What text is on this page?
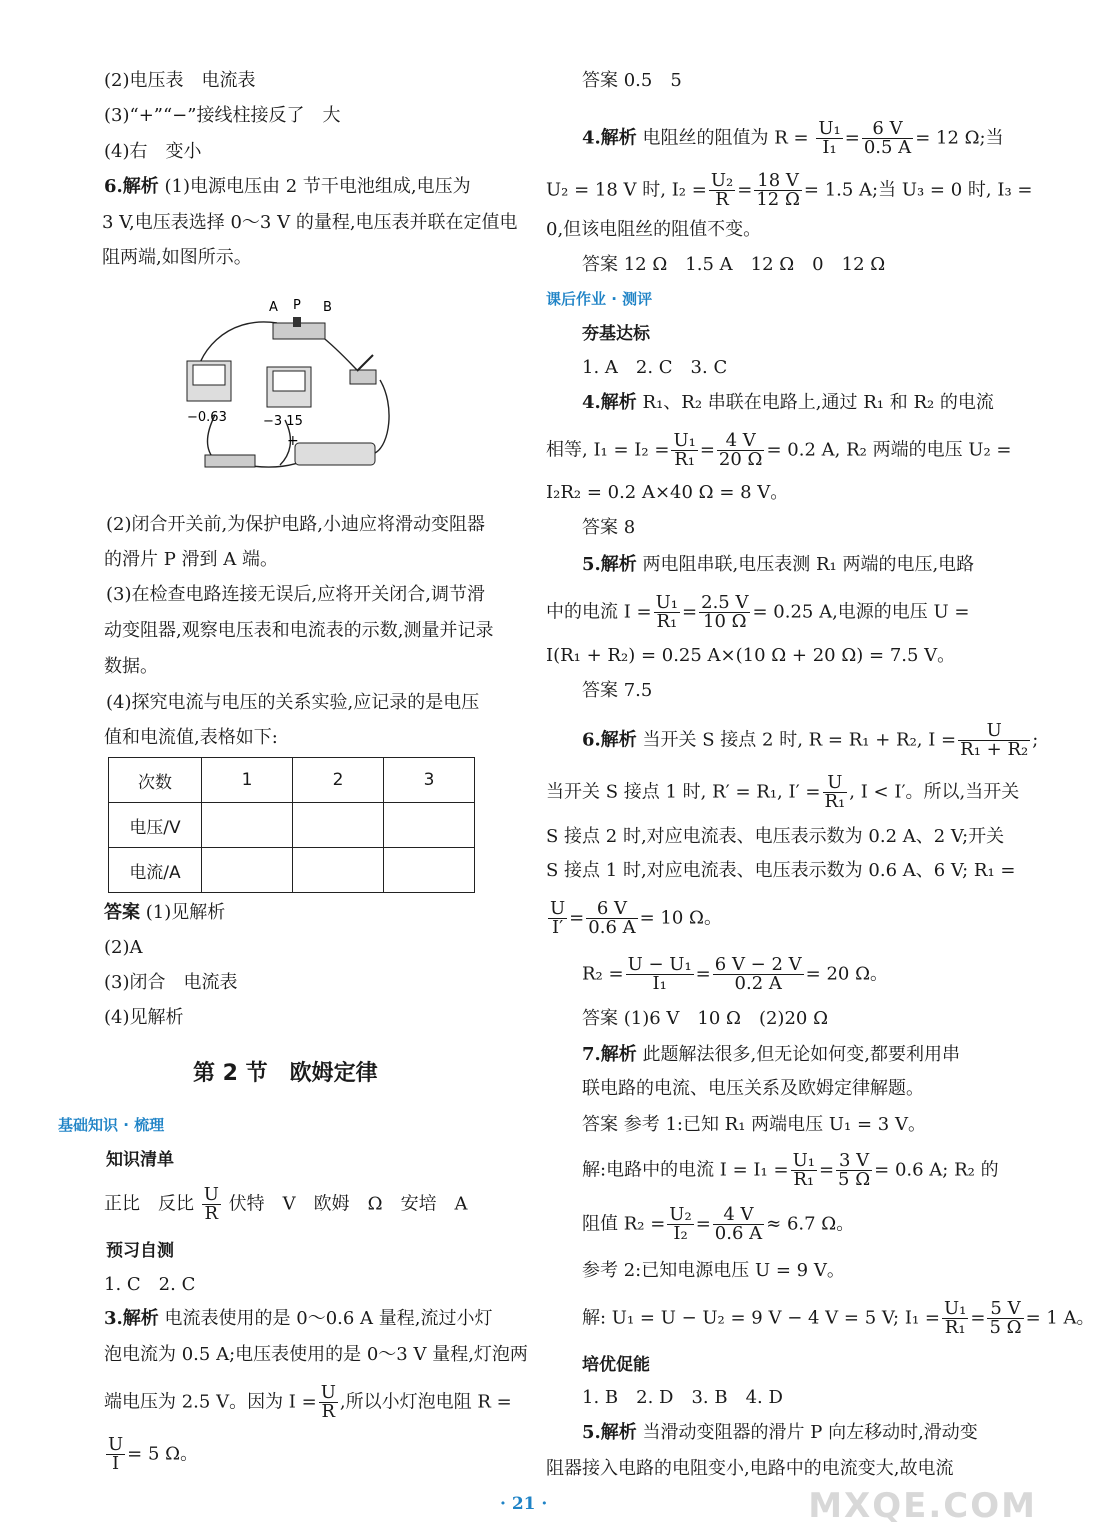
(2)电压表　电流表
(3)“+”“−”接线柱接反了　大
(4)右　变小
6.解析 (1)电源电压由 2 节干电池组成,电压为
3 V,电压表选择 0～3 V 的量程,电压表并联在定值电
阻两端,如图所示。
A P B
−0.63	−3 15
+
(2)闭合开关前,为保护电路,小迪应将滑动变阻器
的滑片 P 滑到 A 端。
(3)在检查电路连接无误后,应将开关闭合,调节滑
动变阻器,观察电压表和电流表的示数,测量并记录
数据。
(4)探究电流与电压的关系实验,应记录的是电压
值和电流值,表格如下:
次数	1	2	3
电压/V			
电流/A			
答案 (1)见解析
(2)A
(3)闭合　电流表
(4)见解析
第 2 节　欧姆定律
基础知识 · 梳理
知识清单
正比　反比 $\frac{U}{R}$ 伏特　V　欧姆　Ω　安培　A
预习自测
1. C　2. C
3.解析 电流表使用的是 0～0.6 A 量程,流过小灯
泡电流为 0.5 A;电压表使用的是 0～3 V 量程,灯泡两
端电压为 2.5 V。因为 $I = \frac{U}{R}$ ,所以小灯泡电阻 R =
$\frac{U}{I} = 5$ Ω。
答案 0.5　5
4.解析 电阻丝的阻值为 $R = \frac{\text{U₁}}{\text{I₁}} = \frac{6 V}{0.5 A} = 12$ Ω;当
U₂ = 18 V 时, $I_2 = \frac{\text{U₂}}{R} = \frac{18 V}{12 \Omega} = 1.5$ A;当 U₃ = 0 时, I₃ =
0,但该电阻丝的阻值不变。
答案 12 Ω　1.5 A　12 Ω　0　12 Ω
课后作业 · 测评
夯基达标
1. A　2. C　3. C
4.解析 R₁、R₂ 串联在电路上,通过 R₁ 和 R₂ 的电流
相等, $I_1 = I_2 = \frac{\text{U₁}}{\text{R₁}} = \frac{4 V}{20 \Omega} = 0.2$ A, R₂ 两端的电压 U₂ =
I₂R₂ = 0.2 A×40 Ω = 8 V。
答案 8
5.解析 两电阻串联,电压表测 R₁ 两端的电压,电路
中的电流 $I = \frac{\text{U₁}}{\text{R₁}} = \frac{2.5 V}{10 \Omega} = 0.25$ A,电源的电压 U =
I(R₁ + R₂) = 0.25 A×(10 Ω + 20 Ω) = 7.5 V。
答案 7.5
6.解析 当开关 S 接点 2 时, R = R₁ + R₂, $I = \frac{U}{\text{R₁ + R₂}}$ ;
当开关 S 接点 1 时, R′ = R₁, $I' = \frac{U}{\text{R₁}}$ , I < I′。所以,当开关
S 接点 2 时,对应电流表、电压表示数为 0.2 A、2 V;开关
S 接点 1 时,对应电流表、电压表示数为 0.6 A、6 V; R₁ =
$\frac{U}{I'} = \frac{6 V}{0.6 A} = 10$ Ω。
$R_2 = \frac{\text{U − U₁}}{\text{I₁}} = \frac{6 V - 2 V}{0.2 A} = 20$ Ω。
答案 (1)6 V　10 Ω　(2)20 Ω
7.解析 此题解法很多,但无论如何变,都要利用串
联电路的电流、电压关系及欧姆定律解题。
答案 参考 1:已知 R₁ 两端电压 U₁ = 3 V。
解:电路中的电流 $I = I_1 = \frac{\text{U₁}}{\text{R₁}} = \frac{3 V}{5 \Omega} = 0.6$ A; R₂ 的
阻值 $R_2 = \frac{\text{U₂}}{\text{I₂}} = \frac{4 V}{0.6 A} \approx 6.7$ Ω。
参考 2:已知电源电压 U = 9 V。
解: U₁ = U − U₂ = 9 V − 4 V = 5 V; $I_1 = \frac{\text{U₁}}{\text{R₁}} = \frac{5 V}{5 \Omega} = 1$ A。
培优促能
1. B　2. D　3. B　4. D
5.解析 当滑动变阻器的滑片 P 向左移动时,滑动变
阻器接入电路的电阻变小,电路中的电流变大,故电流
· 21 ·	MXQE.COM
